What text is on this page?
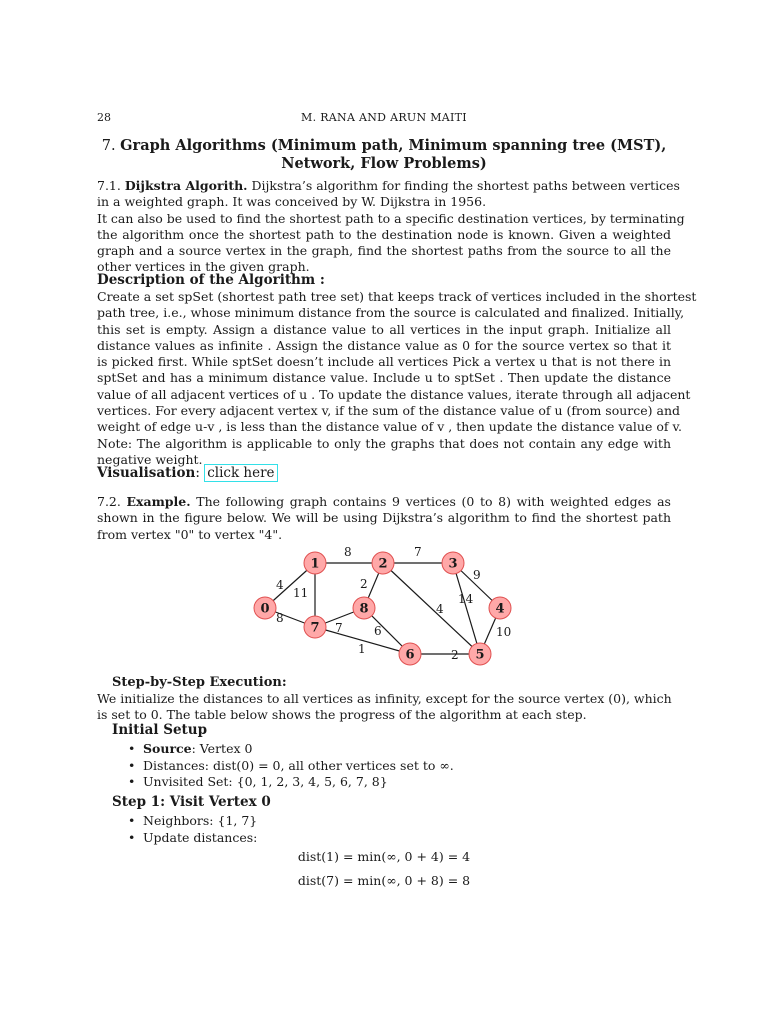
28	M. RANA AND ARUN MAITI
7. Graph Algorithms (Minimum path, Minimum spanning tree (MST),
Network, Flow Problems)
7.1. Dijkstra Algorith. Dijkstra’s algorithm for finding the shortest paths between vertices
in a weighted graph. It was conceived by W. Dijkstra in 1956.
It can also be used to find the shortest path to a specific destination vertices, by terminating
the algorithm once the shortest path to the destination node is known. Given a weighted
graph and a source vertex in the graph, find the shortest paths from the source to all the
other vertices in the given graph.
Description of the Algorithm :
Create a set spSet (shortest path tree set) that keeps track of vertices included in the shortest
path tree, i.e., whose minimum distance from the source is calculated and finalized. Initially,
this set is empty. Assign a distance value to all vertices in the input graph. Initialize all
distance values as infinite . Assign the distance value as 0 for the source vertex so that it
is picked first. While sptSet doesn’t include all vertices Pick a vertex u that is not there in
sptSet and has a minimum distance value. Include u to sptSet . Then update the distance
value of all adjacent vertices of u . To update the distance values, iterate through all adjacent
vertices. For every adjacent vertex v, if the sum of the distance value of u (from source) and
weight of edge u-v , is less than the distance value of v , then update the distance value of v.
Note: The algorithm is applicable to only the graphs that does not contain any edge with
negative weight.
Visualisation: click here
7.2. Example. The following graph contains 9 vertices (0 to 8) with weighted edges as
shown in the figure below. We will be using Dijkstra’s algorithm to find the shortest path
from vertex "0" to vertex "4".
4
8
8
11
7
2
4
9
14
10
2
1
6
7
0
1	2	3
4
5
6
7
8
Step-by-Step Execution:
We initialize the distances to all vertices as infinity, except for the source vertex (0), which
is set to 0. The table below shows the progress of the algorithm at each step.
Initial Setup
• Source: Vertex 0
• Distances: dist(0) = 0, all other vertices set to ∞.
• Unvisited Set: {0, 1, 2, 3, 4, 5, 6, 7, 8}
Step 1: Visit Vertex 0
• Neighbors: {1, 7}
• Update distances:
dist(1) = min(∞, 0 + 4) = 4
dist(7) = min(∞, 0 + 8) = 8
